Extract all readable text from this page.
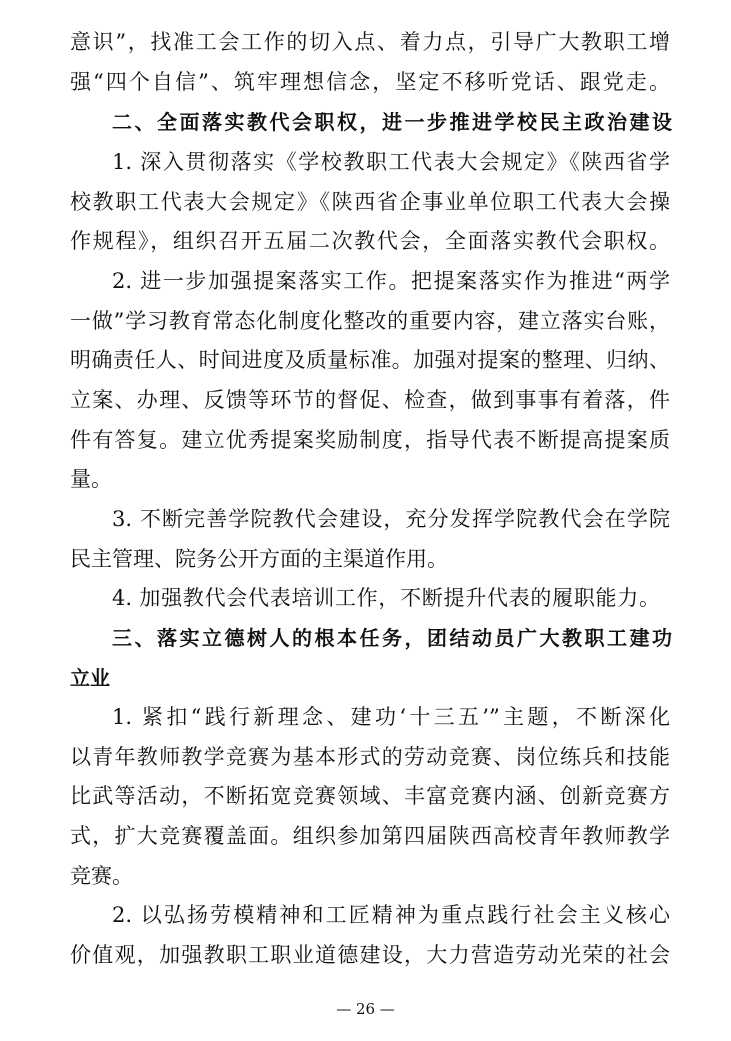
意识”，找准工会工作的切入点、着力点，引导广大教职工增
强“四个自信”、筑牢理想信念，坚定不移听党话、跟党走。
二、全面落实教代会职权，进一步推进学校民主政治建设
1. 深入贯彻落实《学校教职工代表大会规定》《陕西省学
校教职工代表大会规定》《陕西省企事业单位职工代表大会操
作规程》，组织召开五届二次教代会，全面落实教代会职权。
2. 进一步加强提案落实工作。把提案落实作为推进“两学
一做”学习教育常态化制度化整改的重要内容，建立落实台账，
明确责任人、时间进度及质量标准。加强对提案的整理、归纳、
立案、办理、反馈等环节的督促、检查，做到事事有着落，件
件有答复。建立优秀提案奖励制度，指导代表不断提高提案质
量。
3. 不断完善学院教代会建设，充分发挥学院教代会在学院
民主管理、院务公开方面的主渠道作用。
4. 加强教代会代表培训工作，不断提升代表的履职能力。
三、落实立德树人的根本任务，团结动员广大教职工建功
立业
1. 紧扣“践行新理念、建功‘十三五’”主题，不断深化
以青年教师教学竞赛为基本形式的劳动竞赛、岗位练兵和技能
比武等活动，不断拓宽竞赛领域、丰富竞赛内涵、创新竞赛方
式，扩大竞赛覆盖面。组织参加第四届陕西高校青年教师教学
竞赛。
2. 以弘扬劳模精神和工匠精神为重点践行社会主义核心
价值观，加强教职工职业道德建设，大力营造劳动光荣的社会
— 26 —
